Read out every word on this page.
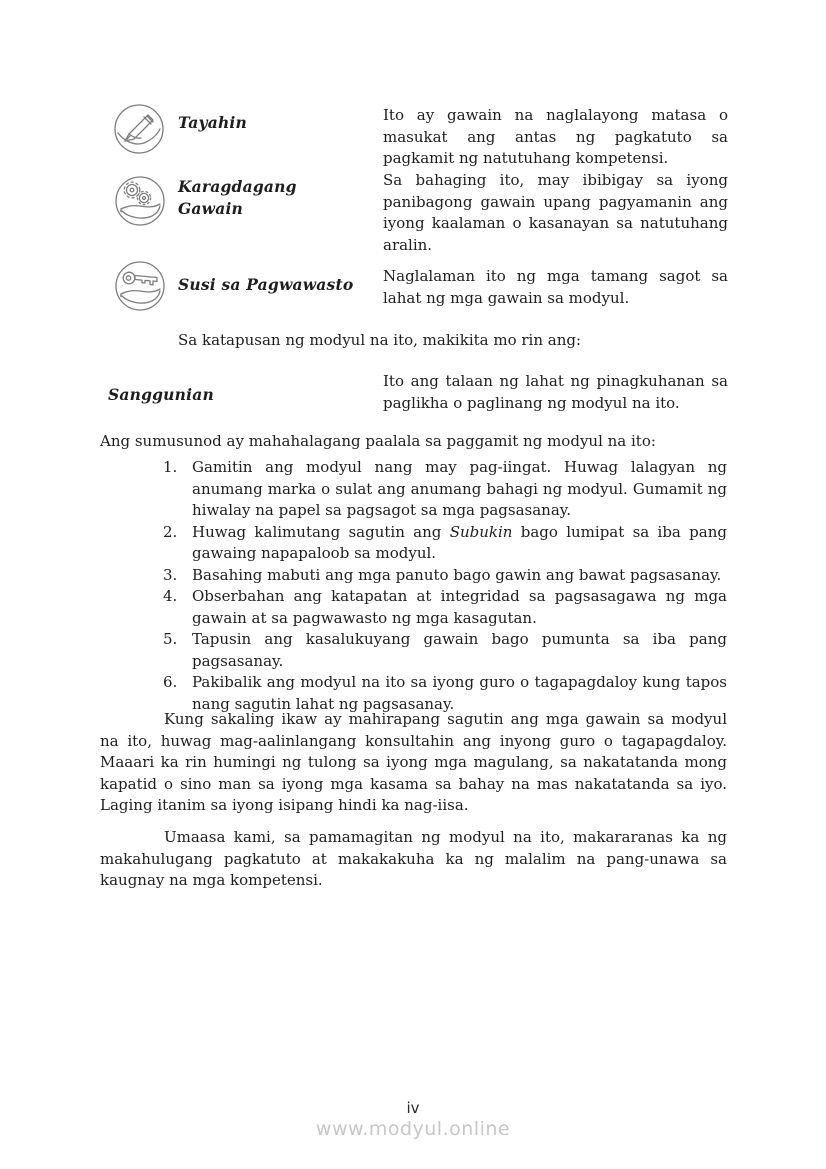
Tayahin	Ito ay gawain na naglalayong matasa o masukat ang antas ng pagkatuto sa pagkamit ng natutuhang kompetensi.
Karagdagang Gawain
Sa bahaging ito, may ibibigay sa iyong panibagong gawain upang pagyamanin ang iyong kaalaman o kasanayan sa natutuhang aralin.
Susi sa Pagwawasto	Naglalaman ito ng mga tamang sagot sa lahat ng mga gawain sa modyul.
Sa katapusan ng modyul na ito, makikita mo rin ang:
Sanggunian
Ito ang talaan ng lahat ng pinagkuhanan sa paglikha o paglinang ng modyul na ito.
Ang sumusunod ay mahahalagang paalala sa paggamit ng modyul na ito:
1. Gamitin ang modyul nang may pag-iingat. Huwag lalagyan ng anumang marka o sulat ang anumang bahagi ng modyul. Gumamit ng hiwalay na papel sa pagsagot sa mga pagsasanay.
2. Huwag kalimutang sagutin ang Subukin bago lumipat sa iba pang gawaing napapaloob sa modyul.
3. Basahing mabuti ang mga panuto bago gawin ang bawat pagsasanay.
4. Obserbahan ang katapatan at integridad sa pagsasagawa ng mga gawain at sa pagwawasto ng mga kasagutan.
5. Tapusin ang kasalukuyang gawain bago pumunta sa iba pang pagsasanay.
6. Pakibalik ang modyul na ito sa iyong guro o tagapagdaloy kung tapos nang sagutin lahat ng pagsasanay.
Kung sakaling ikaw ay mahirapang sagutin ang mga gawain sa modyul na ito, huwag mag-aalinlangang konsultahin ang inyong guro o tagapagdaloy. Maaari ka rin humingi ng tulong sa iyong mga magulang, sa nakatatanda mong kapatid o sino man sa iyong mga kasama sa bahay na mas nakatatanda sa iyo. Laging itanim sa iyong isipang hindi ka nag-iisa.
Umaasa kami, sa pamamagitan ng modyul na ito, makararanas ka ng makahulugang pagkatuto at makakakuha ka ng malalim na pang-unawa sa kaugnay na mga kompetensi.
iv
www.modyul.online
